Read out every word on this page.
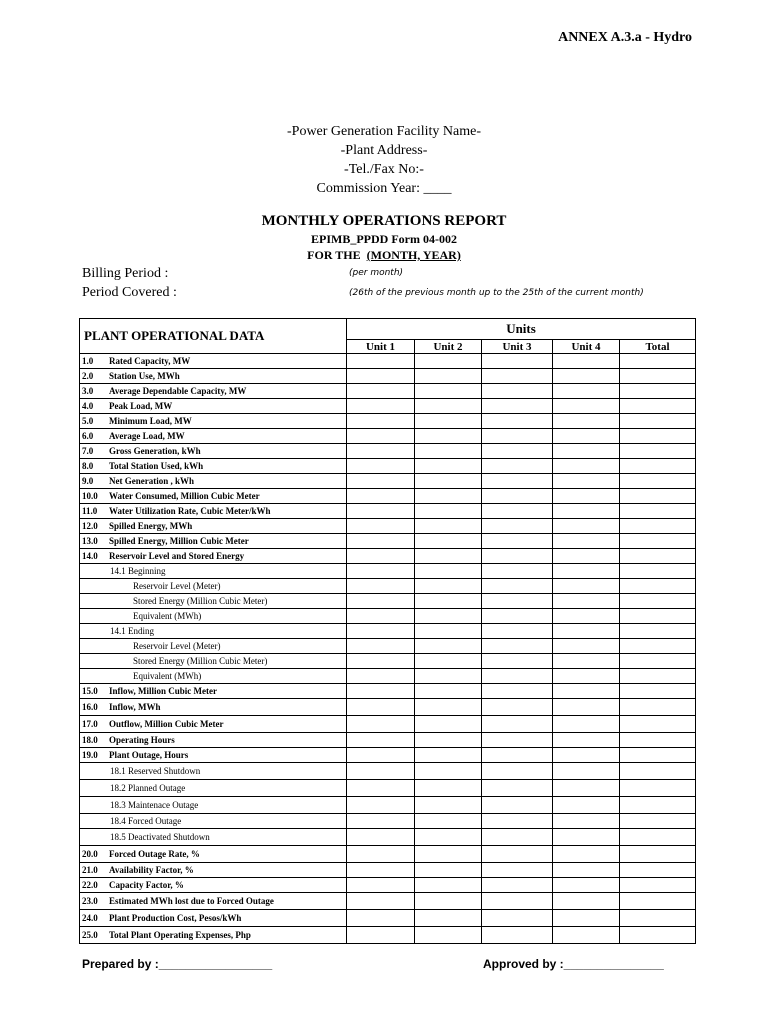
ANNEX A.3.a - Hydro
-Power Generation Facility Name-
-Plant Address-
-Tel./Fax No:-
Commission Year: ____
MONTHLY OPERATIONS REPORT
EPIMB_PPDD Form 04-002
FOR THE (MONTH, YEAR)
Billing Period :	(per month)
Period Covered :	(26th of the previous month up to the 25th of the current month)
PLANT OPERATIONAL DATA	Units				
	Unit 1	Unit 2	Unit 3	Unit 4	Total
1.0 Rated Capacity, MW					
2.0 Station Use, MWh					
3.0 Average Dependable Capacity, MW					
4.0 Peak Load, MW					
5.0 Minimum Load, MW					
6.0 Average Load, MW					
7.0 Gross Generation, kWh					
8.0 Total Station Used, kWh					
9.0 Net Generation , kWh					
10.0 Water Consumed, Million Cubic Meter					
11.0 Water Utilization Rate, Cubic Meter/kWh					
12.0 Spilled Energy, MWh					
13.0 Spilled Energy, Million Cubic Meter					
14.0 Reservoir Level and Stored Energy					
14.1 Beginning					
Reservoir Level (Meter)					
Stored Energy (Million Cubic Meter)					
Equivalent (MWh)					
14.1 Ending					
Reservoir Level (Meter)					
Stored Energy (Million Cubic Meter)					
Equivalent (MWh)					
15.0 Inflow, Million Cubic Meter					
16.0 Inflow, MWh					
17.0 Outflow, Million Cubic Meter					
18.0 Operating Hours					
19.0 Plant Outage, Hours					
18.1 Reserved Shutdown					
18.2 Planned Outage					
18.3 Maintenace Outage					
18.4 Forced Outage					
18.5 Deactivated Shutdown					
20.0 Forced Outage Rate, %					
21.0 Availability Factor, %					
22.0 Capacity Factor, %					
23.0 Estimated MWh lost due to Forced Outage					
24.0 Plant Production Cost, Pesos/kWh					
25.0 Total Plant Operating Expenses, Php					
Prepared by :_________________	Approved by :_______________
